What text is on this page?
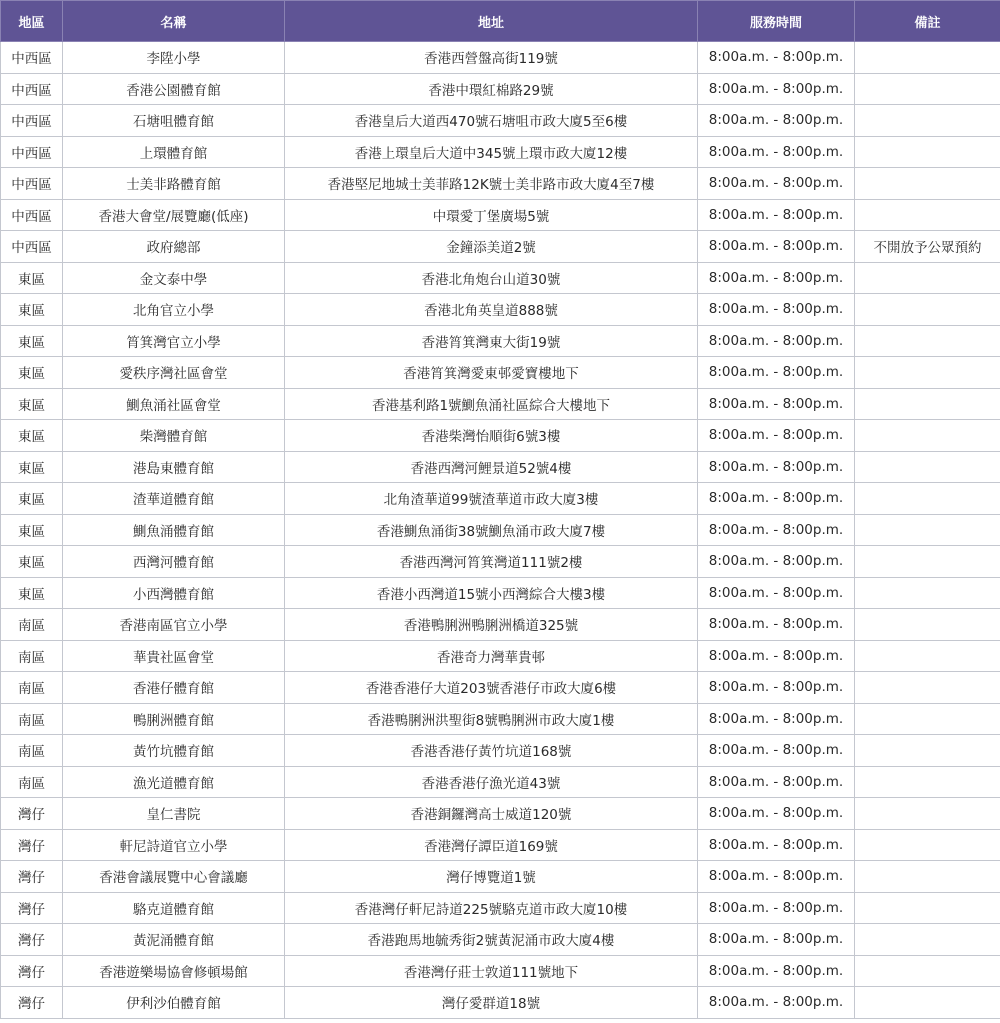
地區	名稱	地址	服務時間	備註
中西區	李陞小學	香港西營盤高街119號	8:00a.m. - 8:00p.m.	
中西區	香港公園體育館	香港中環紅棉路29號	8:00a.m. - 8:00p.m.	
中西區	石塘咀體育館	香港皇后大道西470號石塘咀市政大廈5至6樓	8:00a.m. - 8:00p.m.	
中西區	上環體育館	香港上環皇后大道中345號上環市政大廈12樓	8:00a.m. - 8:00p.m.	
中西區	士美非路體育館	香港堅尼地城士美菲路12K號士美非路市政大廈4至7樓	8:00a.m. - 8:00p.m.	
中西區	香港大會堂/展覽廳(低座)	中環愛丁堡廣場5號	8:00a.m. - 8:00p.m.	
中西區	政府總部	金鐘添美道2號	8:00a.m. - 8:00p.m.	不開放予公眾預約
東區	金文泰中學	香港北角炮台山道30號	8:00a.m. - 8:00p.m.	
東區	北角官立小學	香港北角英皇道888號	8:00a.m. - 8:00p.m.	
東區	筲箕灣官立小學	香港筲箕灣東大街19號	8:00a.m. - 8:00p.m.	
東區	愛秩序灣社區會堂	香港筲箕灣愛東邨愛寶樓地下	8:00a.m. - 8:00p.m.	
東區	鰂魚涌社區會堂	香港基利路1號鰂魚涌社區綜合大樓地下	8:00a.m. - 8:00p.m.	
東區	柴灣體育館	香港柴灣怡順街6號3樓	8:00a.m. - 8:00p.m.	
東區	港島東體育館	香港西灣河鯉景道52號4樓	8:00a.m. - 8:00p.m.	
東區	渣華道體育館	北角渣華道99號渣華道市政大廈3樓	8:00a.m. - 8:00p.m.	
東區	鰂魚涌體育館	香港鰂魚涌街38號鰂魚涌市政大廈7樓	8:00a.m. - 8:00p.m.	
東區	西灣河體育館	香港西灣河筲箕灣道111號2樓	8:00a.m. - 8:00p.m.	
東區	小西灣體育館	香港小西灣道15號小西灣綜合大樓3樓	8:00a.m. - 8:00p.m.	
南區	香港南區官立小學	香港鴨脷洲鴨脷洲橋道325號	8:00a.m. - 8:00p.m.	
南區	華貴社區會堂	香港奇力灣華貴邨	8:00a.m. - 8:00p.m.	
南區	香港仔體育館	香港香港仔大道203號香港仔市政大廈6樓	8:00a.m. - 8:00p.m.	
南區	鴨脷洲體育館	香港鴨脷洲洪聖街8號鴨脷洲市政大廈1樓	8:00a.m. - 8:00p.m.	
南區	黃竹坑體育館	香港香港仔黃竹坑道168號	8:00a.m. - 8:00p.m.	
南區	漁光道體育館	香港香港仔漁光道43號	8:00a.m. - 8:00p.m.	
灣仔	皇仁書院	香港銅鑼灣高士威道120號	8:00a.m. - 8:00p.m.	
灣仔	軒尼詩道官立小學	香港灣仔譚臣道169號	8:00a.m. - 8:00p.m.	
灣仔	香港會議展覽中心會議廳	灣仔博覽道1號	8:00a.m. - 8:00p.m.	
灣仔	駱克道體育館	香港灣仔軒尼詩道225號駱克道市政大廈10樓	8:00a.m. - 8:00p.m.	
灣仔	黃泥涌體育館	香港跑馬地毓秀街2號黃泥涌市政大廈4樓	8:00a.m. - 8:00p.m.	
灣仔	香港遊樂場協會修頓場館	香港灣仔莊士敦道111號地下	8:00a.m. - 8:00p.m.	
灣仔	伊利沙伯體育館	灣仔愛群道18號	8:00a.m. - 8:00p.m.	
